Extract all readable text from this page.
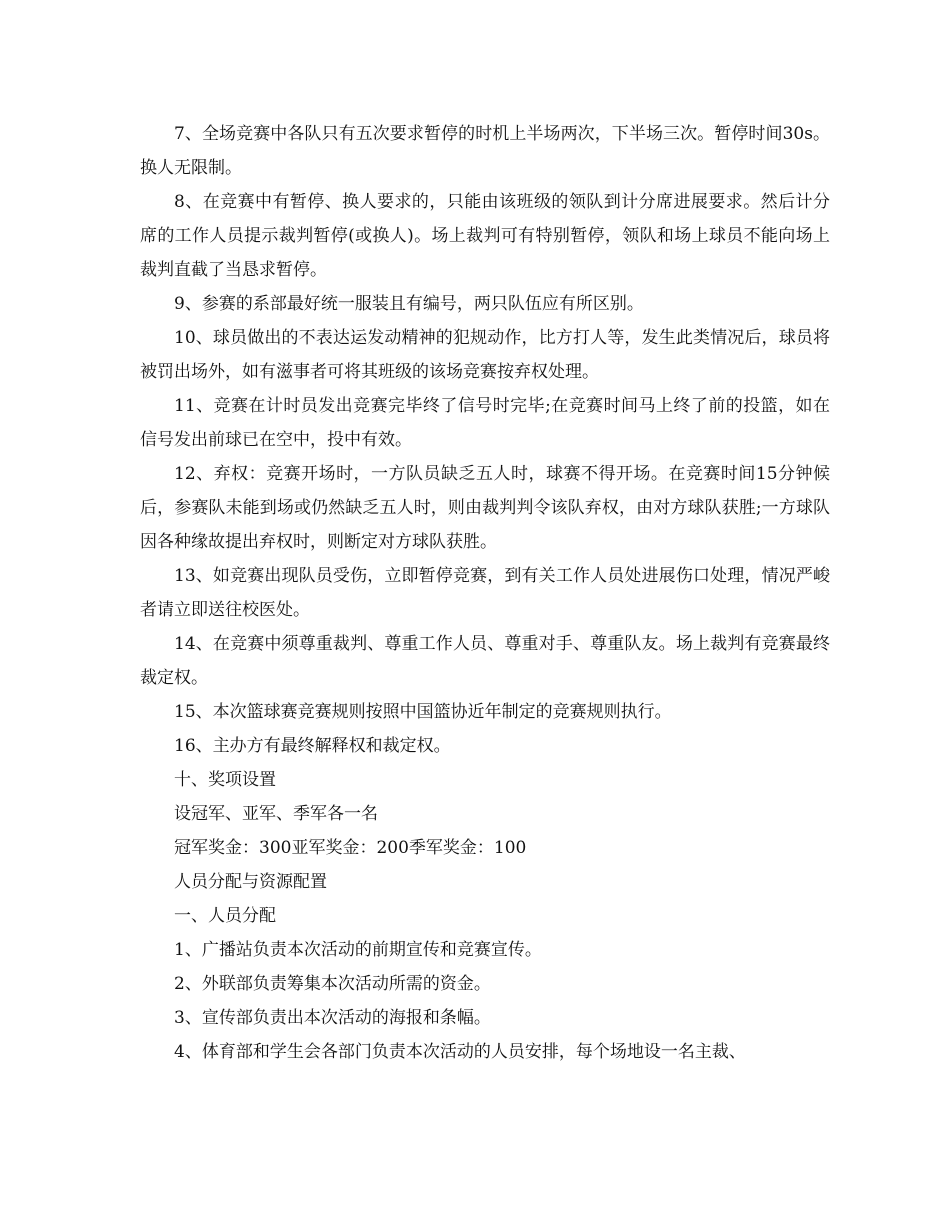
7、全场竞赛中各队只有五次要求暂停的时机上半场两次，下半场三次。暂停时间30s。换人无限制。

8、在竞赛中有暂停、换人要求的，只能由该班级的领队到计分席进展要求。然后计分席的工作人员提示裁判暂停(或换人)。场上裁判可有特别暂停，领队和场上球员不能向场上裁判直截了当恳求暂停。

9、参赛的系部最好统一服装且有编号，两只队伍应有所区别。

10、球员做出的不表达运发动精神的犯规动作，比方打人等，发生此类情况后，球员将被罚出场外，如有滋事者可将其班级的该场竞赛按弃权处理。

11、竞赛在计时员发出竞赛完毕终了信号时完毕;在竞赛时间马上终了前的投篮，如在信号发出前球已在空中，投中有效。

12、弃权：竞赛开场时，一方队员缺乏五人时，球赛不得开场。在竞赛时间15分钟候后，参赛队未能到场或仍然缺乏五人时，则由裁判判令该队弃权，由对方球队获胜;一方球队因各种缘故提出弃权时，则断定对方球队获胜。

13、如竞赛出现队员受伤，立即暂停竞赛，到有关工作人员处进展伤口处理，情况严峻者请立即送往校医处。

14、在竞赛中须尊重裁判、尊重工作人员、尊重对手、尊重队友。场上裁判有竞赛最终裁定权。

15、本次篮球赛竞赛规则按照中国篮协近年制定的竞赛规则执行。

16、主办方有最终解释权和裁定权。

十、奖项设置

设冠军、亚军、季军各一名

冠军奖金：300亚军奖金：200季军奖金：100

人员分配与资源配置

一、人员分配

1、广播站负责本次活动的前期宣传和竞赛宣传。

2、外联部负责筹集本次活动所需的资金。

3、宣传部负责出本次活动的海报和条幅。

4、体育部和学生会各部门负责本次活动的人员安排，每个场地设一名主裁、
